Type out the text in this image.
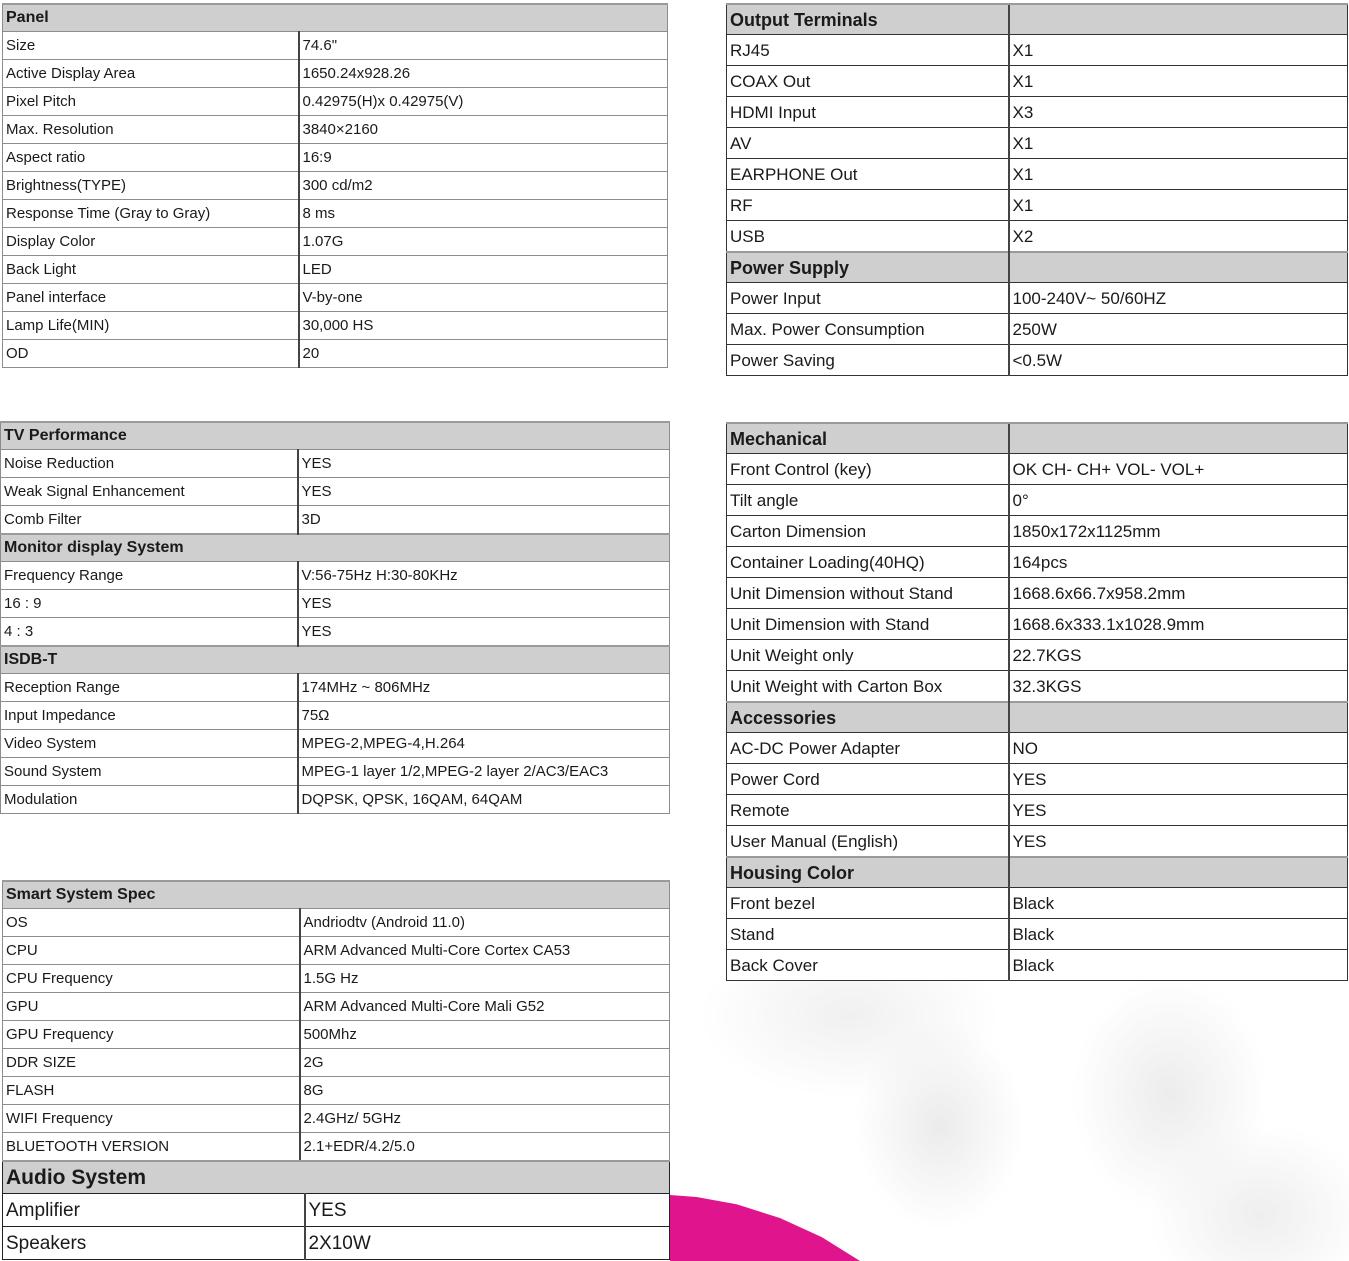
Panel	
Size	74.6"
Active Display Area	1650.24x928.26
Pixel Pitch	0.42975(H)x 0.42975(V)
Max. Resolution	3840×2160
Aspect ratio	16:9
Brightness(TYPE)	300 cd/m2
Response Time (Gray to Gray)	8 ms
Display Color	1.07G
Back Light	LED
Panel interface	V-by-one
Lamp Life(MIN)	30,000 HS
OD	20
TV Performance	
Noise Reduction	YES
Weak Signal Enhancement	YES
Comb Filter	3D
Monitor display System	
Frequency Range	V:56-75Hz H:30-80KHz
16 : 9	YES
4 : 3	YES
ISDB-T	
Reception Range	174MHz ~ 806MHz
Input Impedance	75Ω
Video System	MPEG-2,MPEG-4,H.264
Sound System	MPEG-1 layer 1/2,MPEG-2 layer 2/AC3/EAC3
Modulation	DQPSK, QPSK, 16QAM, 64QAM
Smart System Spec	
OS	Andriodtv (Android 11.0)
CPU	ARM Advanced Multi-Core Cortex CA53
CPU Frequency	1.5G Hz
GPU	ARM Advanced Multi-Core Mali G52
GPU Frequency	500Mhz
DDR SIZE	2G
FLASH	8G
WIFI Frequency	2.4GHz/ 5GHz
BLUETOOTH VERSION	2.1+EDR/4.2/5.0
Audio System	
Amplifier	YES
Speakers	2X10W
Output Terminals	
RJ45	X1
COAX Out	X1
HDMI Input	X3
AV	X1
EARPHONE Out	X1
RF	X1
USB	X2
Power Supply	
Power Input	100-240V~ 50/60HZ
Max. Power Consumption	250W
Power Saving	<0.5W
Mechanical	
Front Control (key)	OK CH- CH+ VOL- VOL+
Tilt angle	0°
Carton Dimension	1850x172x1125mm
Container Loading(40HQ)	164pcs
Unit Dimension without Stand	1668.6x66.7x958.2mm
Unit Dimension with Stand	1668.6x333.1x1028.9mm
Unit Weight only	22.7KGS
Unit Weight with Carton Box	32.3KGS
Accessories	
AC-DC Power Adapter	NO
Power Cord	YES
Remote	YES
User Manual (English)	YES
Housing Color	
Front bezel	Black
Stand	Black
Back Cover	Black
